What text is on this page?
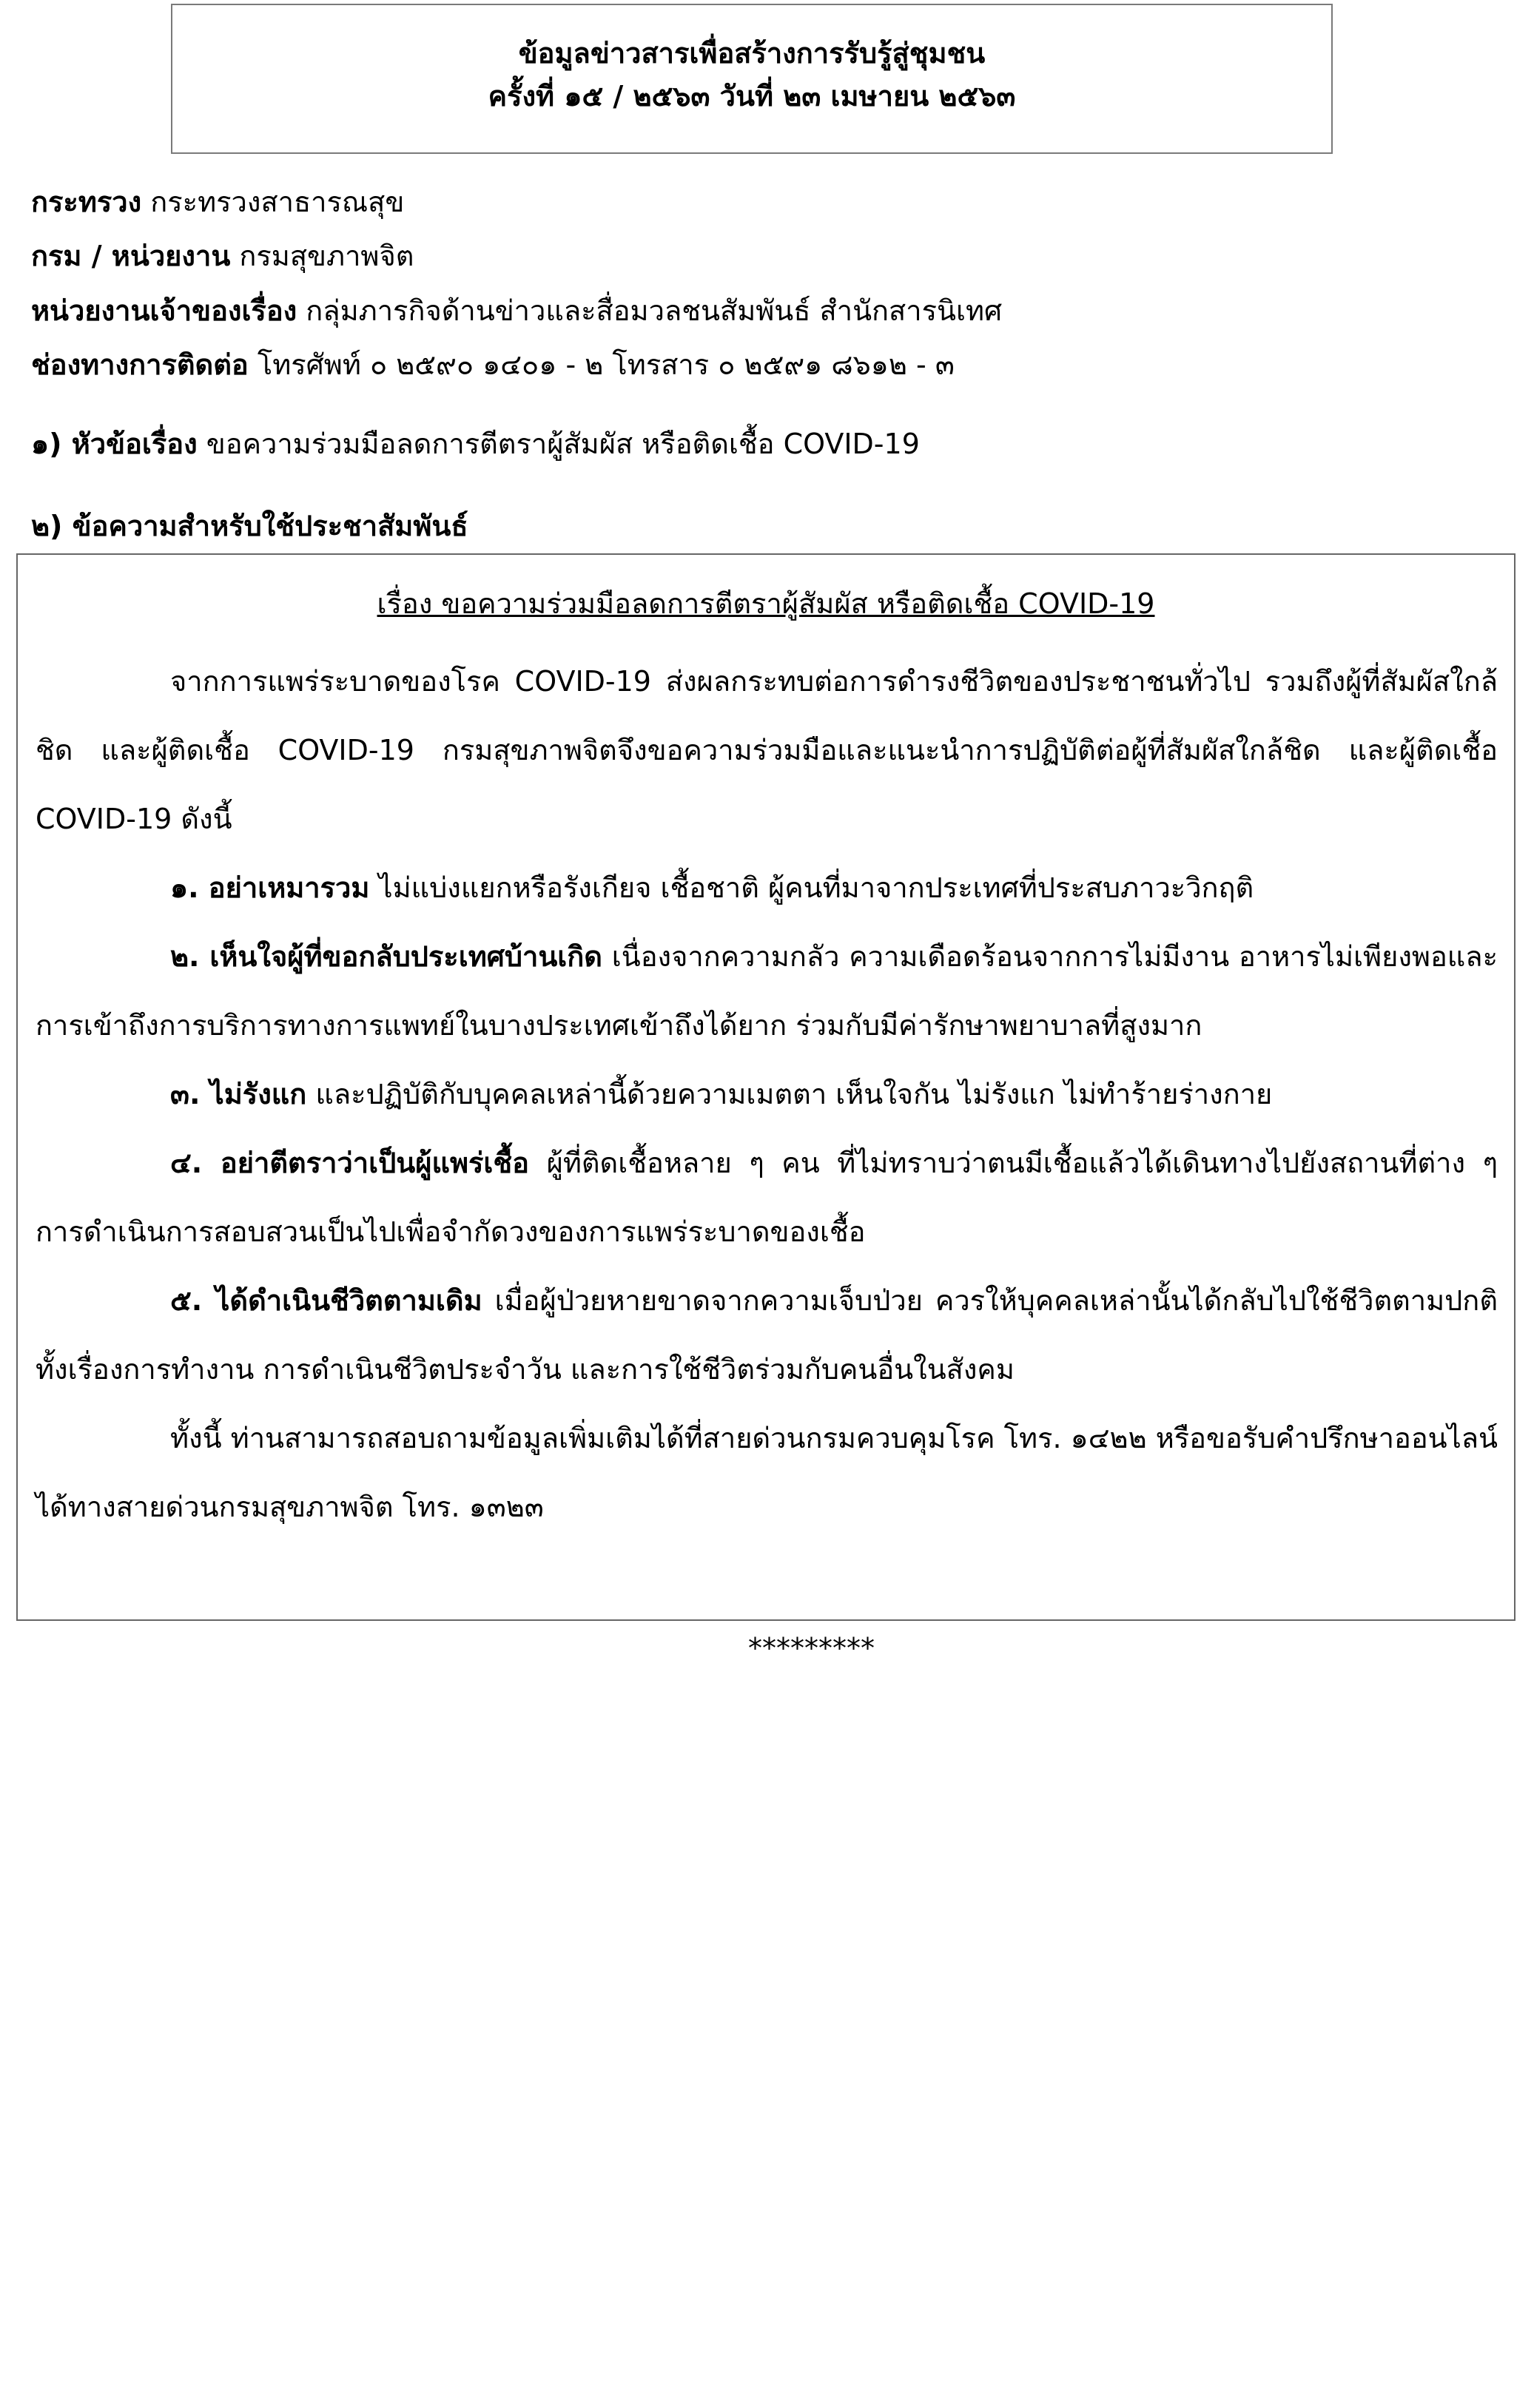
ข้อมูลข่าวสารเพื่อสร้างการรับรู้สู่ชุมชน
ครั้งที่ ๑๕ / ๒๕๖๓ วันที่ ๒๓ เมษายน ๒๕๖๓
กระทรวง กระทรวงสาธารณสุข
กรม / หน่วยงาน กรมสุขภาพจิต
หน่วยงานเจ้าของเรื่อง กลุ่มภารกิจด้านข่าวและสื่อมวลชนสัมพันธ์ สำนักสารนิเทศ
ช่องทางการติดต่อ โทรศัพท์ ๐ ๒๕๙๐ ๑๔๐๑ - ๒ โทรสาร ๐ ๒๕๙๑ ๘๖๑๒ - ๓
๑) หัวข้อเรื่อง ขอความร่วมมือลดการตีตราผู้สัมผัส หรือติดเชื้อ COVID-19
๒) ข้อความสำหรับใช้ประชาสัมพันธ์
เรื่อง ขอความร่วมมือลดการตีตราผู้สัมผัส หรือติดเชื้อ COVID-19

จากการแพร่ระบาดของโรค COVID-19 ส่งผลกระทบต่อการดำรงชีวิตของประชาชนทั่วไป รวมถึงผู้ที่สัมผัสใกล้ชิด และผู้ติดเชื้อ COVID-19 กรมสุขภาพจิตจึงขอความร่วมมือและแนะนำการปฏิบัติต่อผู้ที่สัมผัสใกล้ชิด และผู้ติดเชื้อ COVID-19 ดังนี้

๑. อย่าเหมารวม ไม่แบ่งแยกหรือรังเกียจ เชื้อชาติ ผู้คนที่มาจากประเทศที่ประสบภาวะวิกฤติ

๒. เห็นใจผู้ที่ขอกลับประเทศบ้านเกิด เนื่องจากความกลัว ความเดือดร้อนจากการไม่มีงาน อาหารไม่เพียงพอและการเข้าถึงการบริการทางการแพทย์ในบางประเทศเข้าถึงได้ยาก ร่วมกับมีค่ารักษาพยาบาลที่สูงมาก

๓. ไม่รังแก และปฏิบัติกับบุคคลเหล่านี้ด้วยความเมตตา เห็นใจกัน ไม่รังแก ไม่ทำร้ายร่างกาย

๔. อย่าตีตราว่าเป็นผู้แพร่เชื้อ ผู้ที่ติดเชื้อหลาย ๆ คน ที่ไม่ทราบว่าตนมีเชื้อแล้วได้เดินทางไปยังสถานที่ต่าง ๆ การดำเนินการสอบสวนเป็นไปเพื่อจำกัดวงของการแพร่ระบาดของเชื้อ

๕. ได้ดำเนินชีวิตตามเดิม เมื่อผู้ป่วยหายขาดจากความเจ็บป่วย ควรให้บุคคลเหล่านั้นได้กลับไปใช้ชีวิตตามปกติ ทั้งเรื่องการทำงาน การดำเนินชีวิตประจำวัน และการใช้ชีวิตร่วมกับคนอื่นในสังคม

ทั้งนี้ ท่านสามารถสอบถามข้อมูลเพิ่มเติมได้ที่สายด่วนกรมควบคุมโรค โทร. ๑๔๒๒ หรือขอรับคำปรึกษาออนไลน์ได้ทางสายด่วนกรมสุขภาพจิต โทร. ๑๓๒๓

*********
